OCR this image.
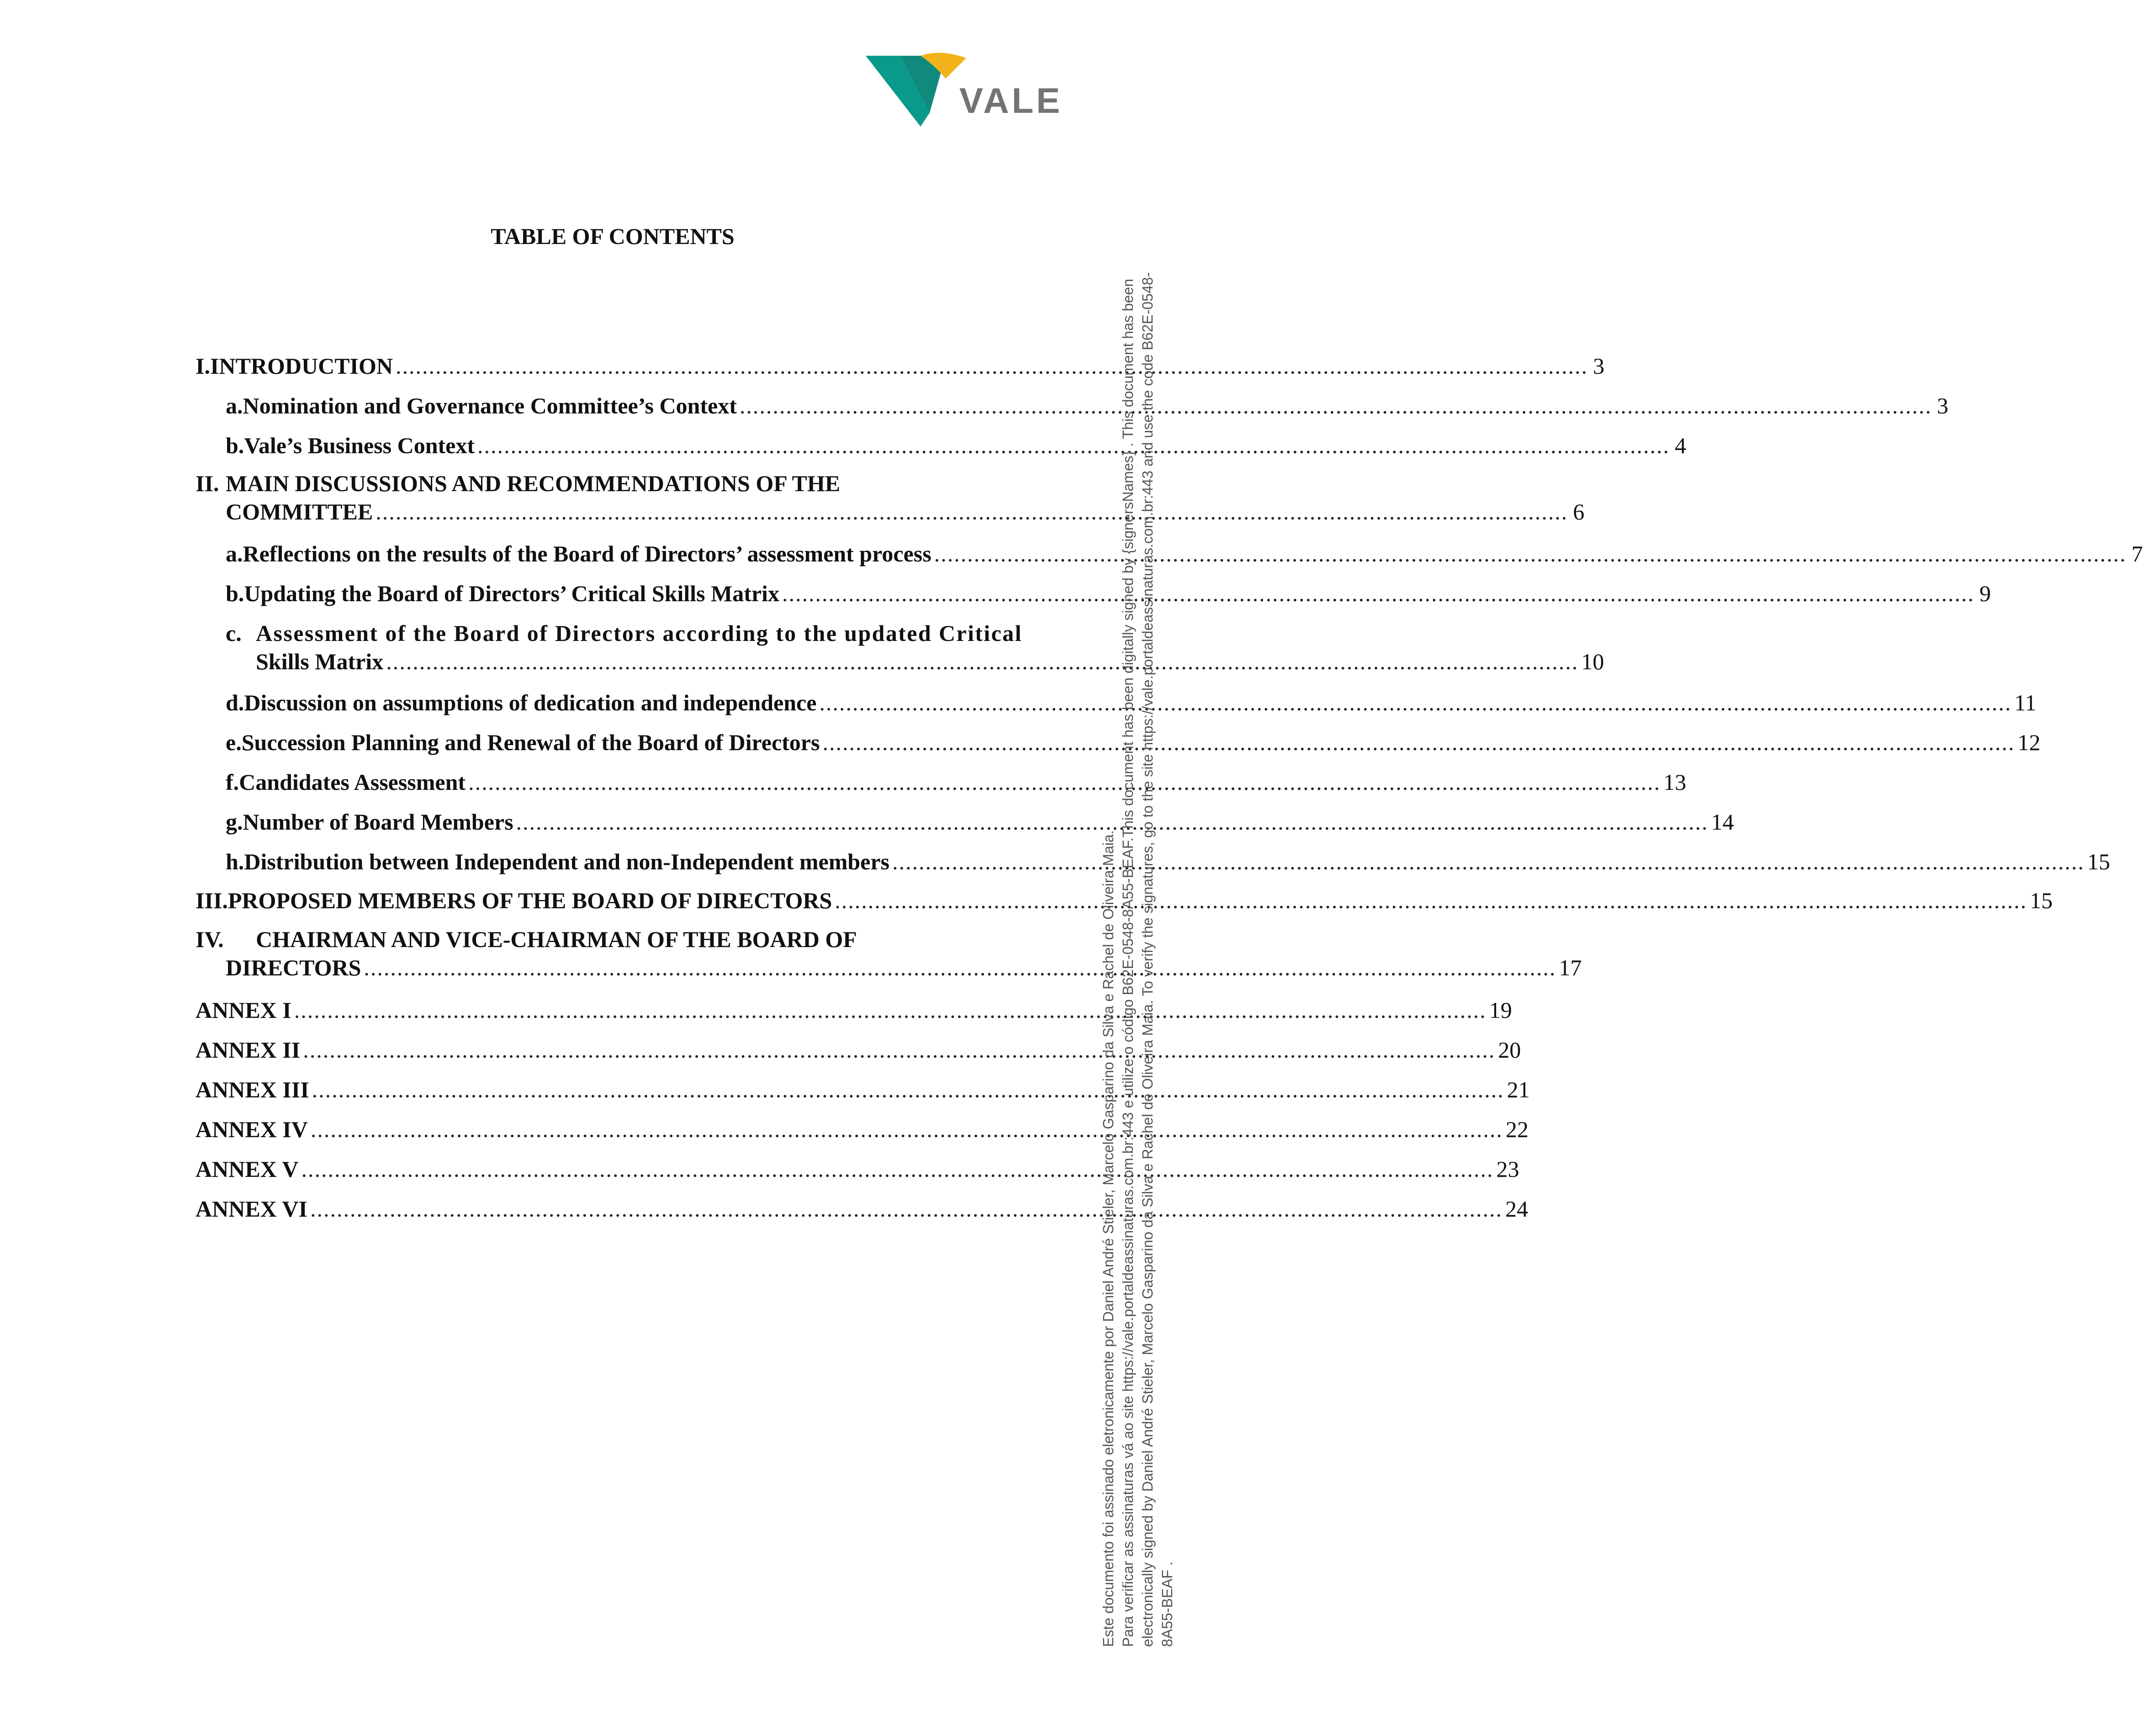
VALE
TABLE OF CONTENTS
I. INTRODUCTION .................................................................................................................................................................................... 3
a. Nomination and Governance Committee’s Context .................................................................................................................................................................................... 3
b. Vale’s Business Context .................................................................................................................................................................................... 4
II. MAIN DISCUSSIONS AND RECOMMENDATIONS OF THE
COMMITTEE .................................................................................................................................................................................... 6
a. Reflections on the results of the Board of Directors’ assessment process .................................................................................................................................................................................... 7
b. Updating the Board of Directors’ Critical Skills Matrix .................................................................................................................................................................................... 9
c. Assessment of the Board of Directors according to the updated Critical
Skills Matrix .................................................................................................................................................................................... 10
d. Discussion on assumptions of dedication and independence .................................................................................................................................................................................... 11
e. Succession Planning and Renewal of the Board of Directors .................................................................................................................................................................................... 12
f. Candidates Assessment .................................................................................................................................................................................... 13
g. Number of Board Members .................................................................................................................................................................................... 14
h. Distribution between Independent and non-Independent members .................................................................................................................................................................................... 15
III. PROPOSED MEMBERS OF THE BOARD OF DIRECTORS .................................................................................................................................................................................... 15
IV.	CHAIRMAN AND VICE-CHAIRMAN OF THE BOARD OF
DIRECTORS .................................................................................................................................................................................... 17
ANNEX I .................................................................................................................................................................................... 19
ANNEX II .................................................................................................................................................................................... 20
ANNEX III .................................................................................................................................................................................... 21
ANNEX IV .................................................................................................................................................................................... 22
ANNEX V .................................................................................................................................................................................... 23
ANNEX VI .................................................................................................................................................................................... 24
Este documento foi assinado eletronicamente por Daniel André Stieler, Marcelo Gasparino da Silva e Rachel de Oliveira Maia. Para verificar as assinaturas vá ao site https://vale.portaldeassinaturas.com.br:443 e utilize o código B62E-0548-8A55-BEAF.This document has been digitally signed by {signersNames} . This document has been electronically signed by Daniel André Stieler, Marcelo Gasparino da Silva e Rachel de Oliveira Maia. To verify the signatures, go to the site https://vale.portaldeassinaturas.com.br:443 and use the code B62E-0548- 8A55-BEAF .
